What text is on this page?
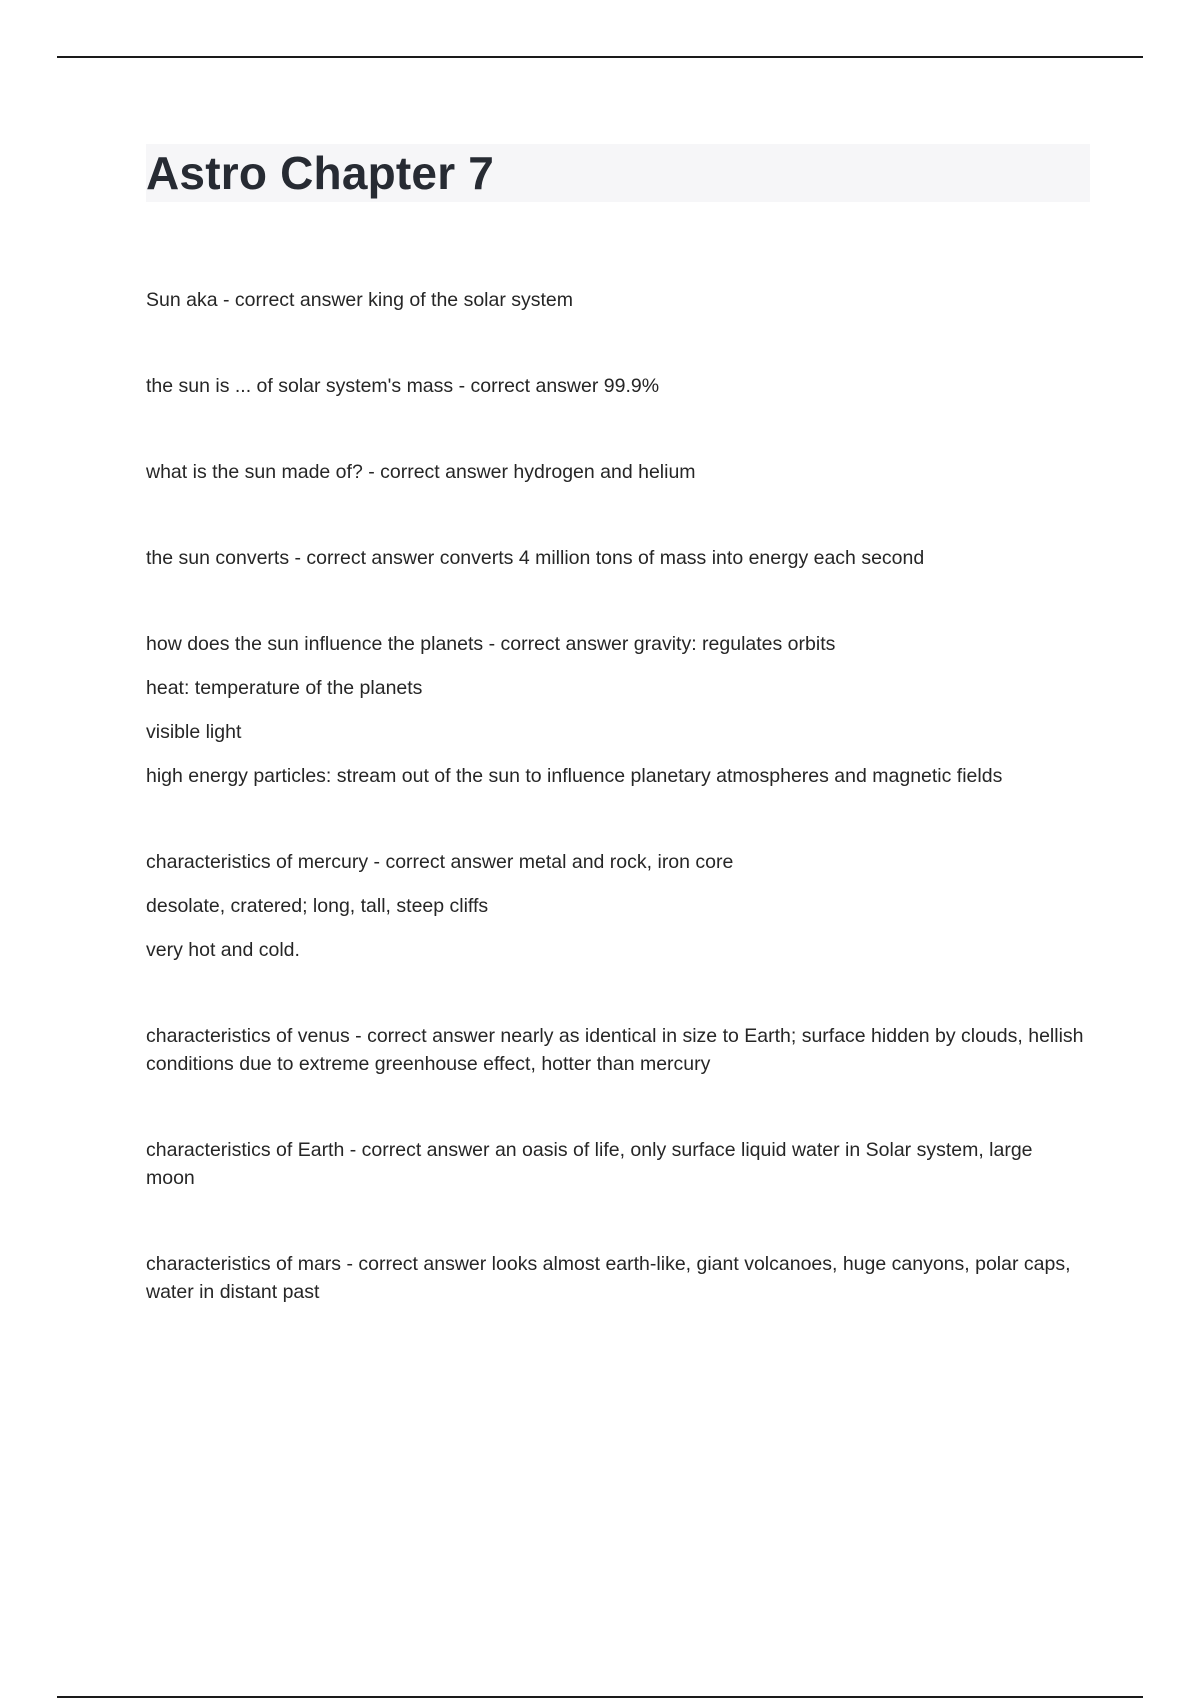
Astro Chapter 7

Sun aka - correct answer king of the solar system

the sun is ... of solar system's mass - correct answer 99.9%

what is the sun made of? - correct answer hydrogen and helium

the sun converts - correct answer converts 4 million tons of mass into energy each second

how does the sun influence the planets - correct answer gravity: regulates orbits

heat: temperature of the planets

visible light

high energy particles: stream out of the sun to influence planetary atmospheres and magnetic fields

characteristics of mercury - correct answer metal and rock, iron core

desolate, cratered; long, tall, steep cliffs

very hot and cold.

characteristics of venus - correct answer nearly as identical in size to Earth; surface hidden by clouds, hellish conditions due to extreme greenhouse effect, hotter than mercury

characteristics of Earth - correct answer an oasis of life, only surface liquid water in Solar system, large moon

characteristics of mars - correct answer looks almost earth-like, giant volcanoes, huge canyons, polar caps, water in distant past
